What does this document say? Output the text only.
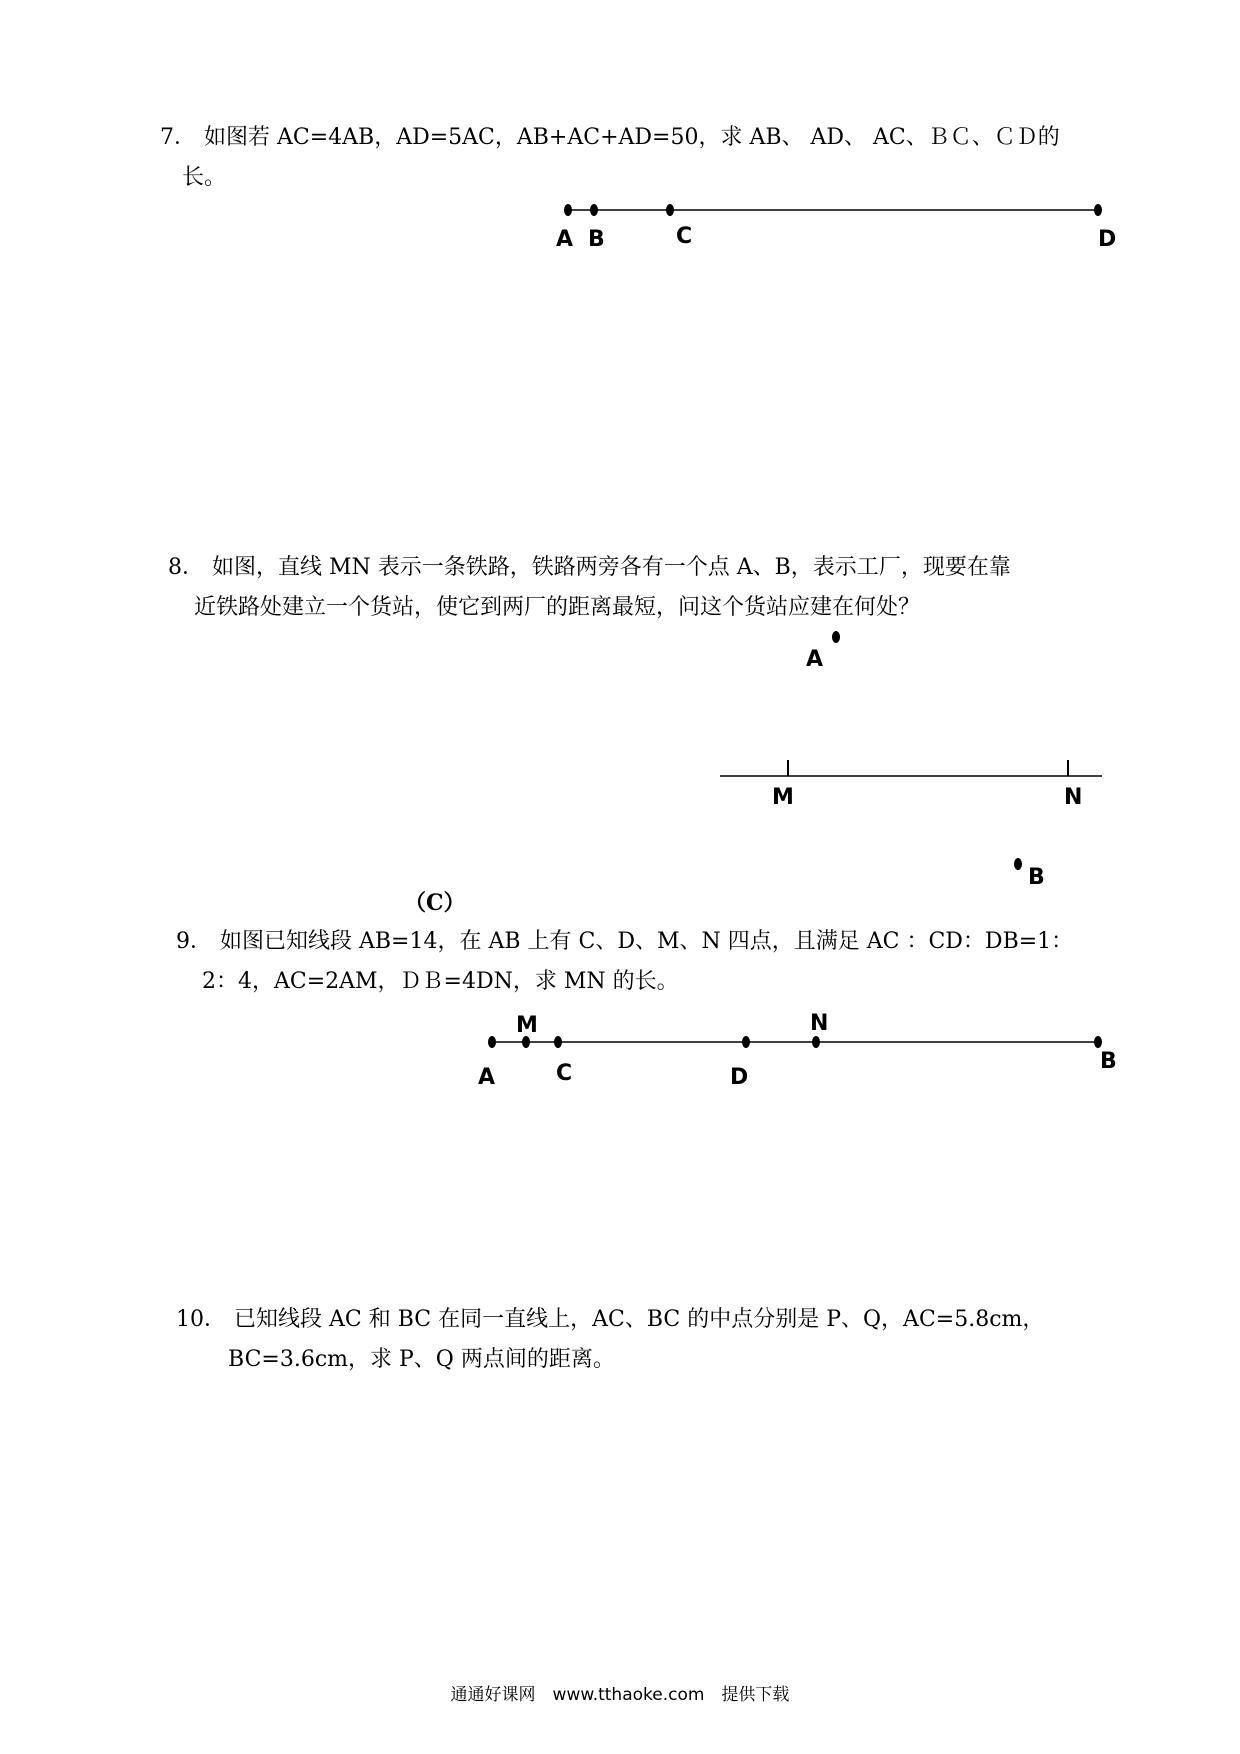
7． 如图若 AC=4AB，AD=5AC，AB+AC+AD=50，求 AB、 AD、 AC、ＢＣ、ＣＤ的
长。

A B	C	D

8． 如图，直线 MN 表示一条铁路，铁路两旁各有一个点 A、B，表示工厂，现要在靠
近铁路处建立一个货站，使它到两厂的距离最短，问这个货站应建在何处？

A
M	N
B
（C）

9． 如图已知线段 AB=14，在 AB 上有 C、D、M、N 四点，且满足 AC ：CD：DB=1：
2：4，AC=2AM，ＤＢ=4DN，求 MN 的长。

M	N
A	C	D
B

10． 已知线段 AC 和 BC 在同一直线上，AC、BC 的中点分别是 P、Q，AC=5.8cm，
BC=3.6cm，求 P、Q 两点间的距离。

通通好课网　www.tthaoke.com　提供下载
